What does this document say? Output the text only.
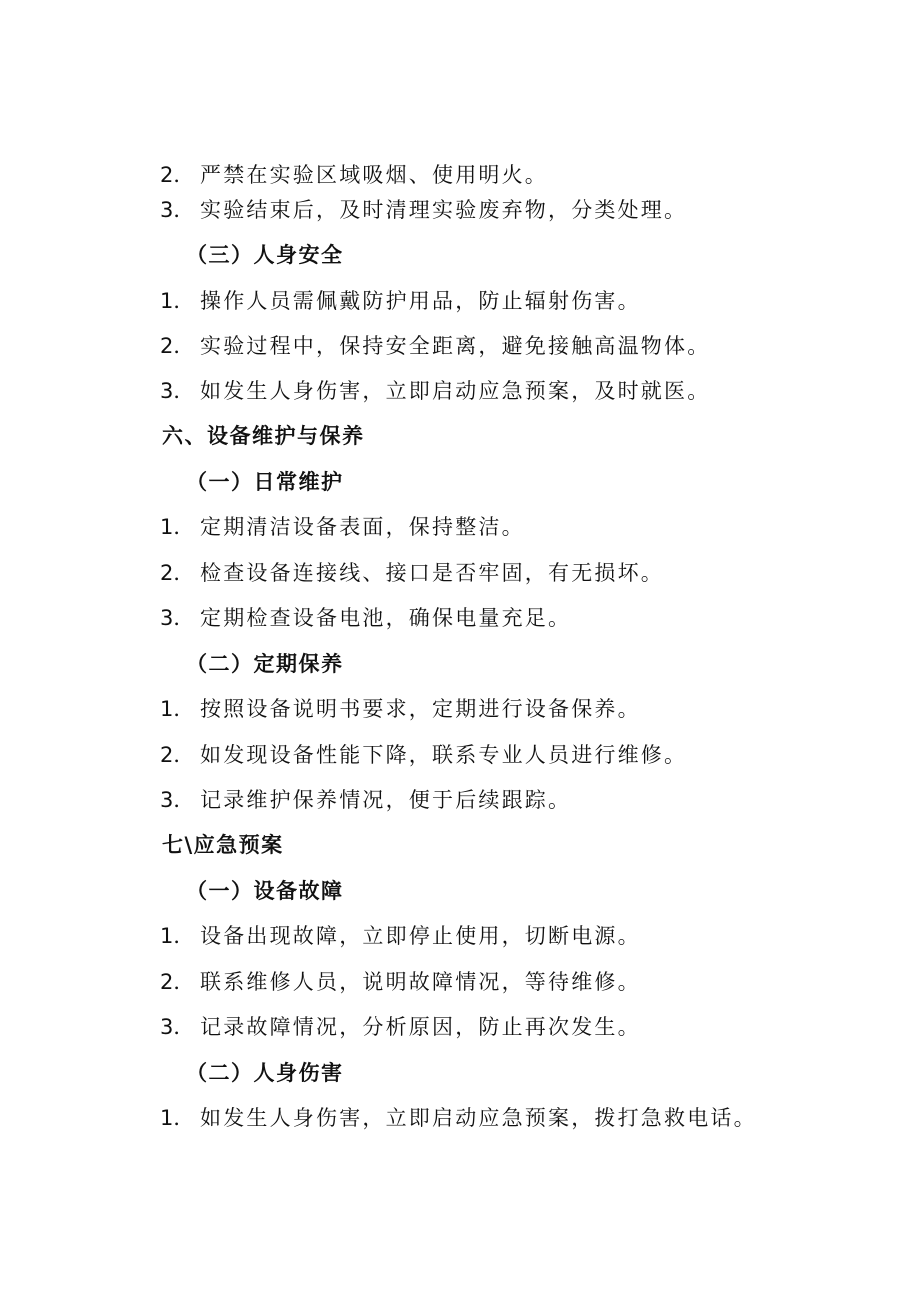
2． 严禁在实验区域吸烟、使用明火。
3． 实验结束后，及时清理实验废弃物，分类处理。
（三）人身安全
1． 操作人员需佩戴防护用品，防止辐射伤害。
2． 实验过程中，保持安全距离，避免接触高温物体。
3． 如发生人身伤害，立即启动应急预案，及时就医。
六、设备维护与保养
（一）日常维护
1． 定期清洁设备表面，保持整洁。
2． 检查设备连接线、接口是否牢固，有无损坏。
3． 定期检查设备电池，确保电量充足。
（二）定期保养
1． 按照设备说明书要求，定期进行设备保养。
2． 如发现设备性能下降，联系专业人员进行维修。
3． 记录维护保养情况，便于后续跟踪。
七\应急预案
（一）设备故障
1． 设备出现故障，立即停止使用，切断电源。
2． 联系维修人员，说明故障情况，等待维修。
3． 记录故障情况，分析原因，防止再次发生。
（二）人身伤害
1． 如发生人身伤害，立即启动应急预案，拨打急救电话。
